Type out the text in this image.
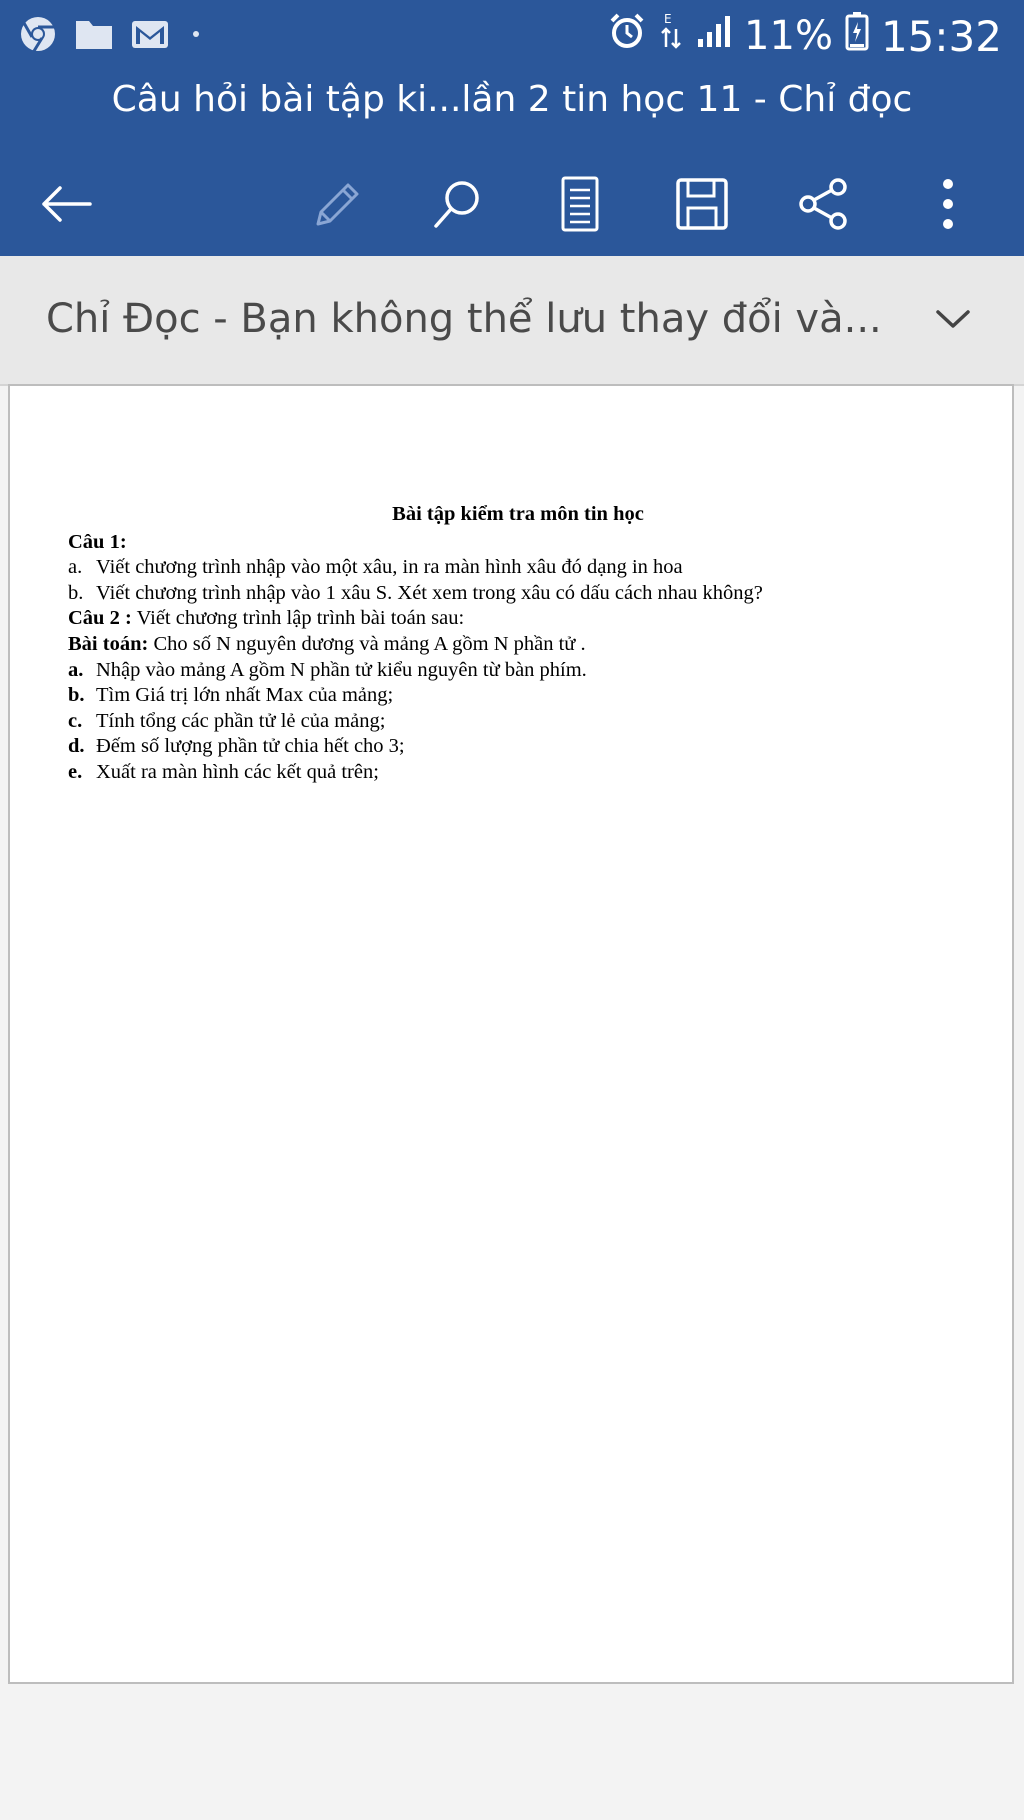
E 11% 15:32
Câu hỏi bài tập ki...lần 2 tin học 11 - Chỉ đọc
Chỉ Đọc - Bạn không thể lưu thay đổi và...
Bài tập kiểm tra môn tin học
Câu 1:
a. Viết chương trình nhập vào một xâu, in ra màn hình xâu đó dạng in hoa
b. Viết chương trình nhập vào 1 xâu S. Xét xem trong xâu có dấu cách nhau không?
Câu 2 : Viết chương trình lập trình bài toán sau:
Bài toán: Cho số N nguyên dương và mảng A gồm N phần tử .
a. Nhập vào mảng A gồm N phần tử kiểu nguyên từ bàn phím.
b. Tìm Giá trị lớn nhất Max của mảng;
c. Tính tổng các phần tử lẻ của mảng;
d. Đếm số lượng phần tử chia hết cho 3;
e. Xuất ra màn hình các kết quả trên;
